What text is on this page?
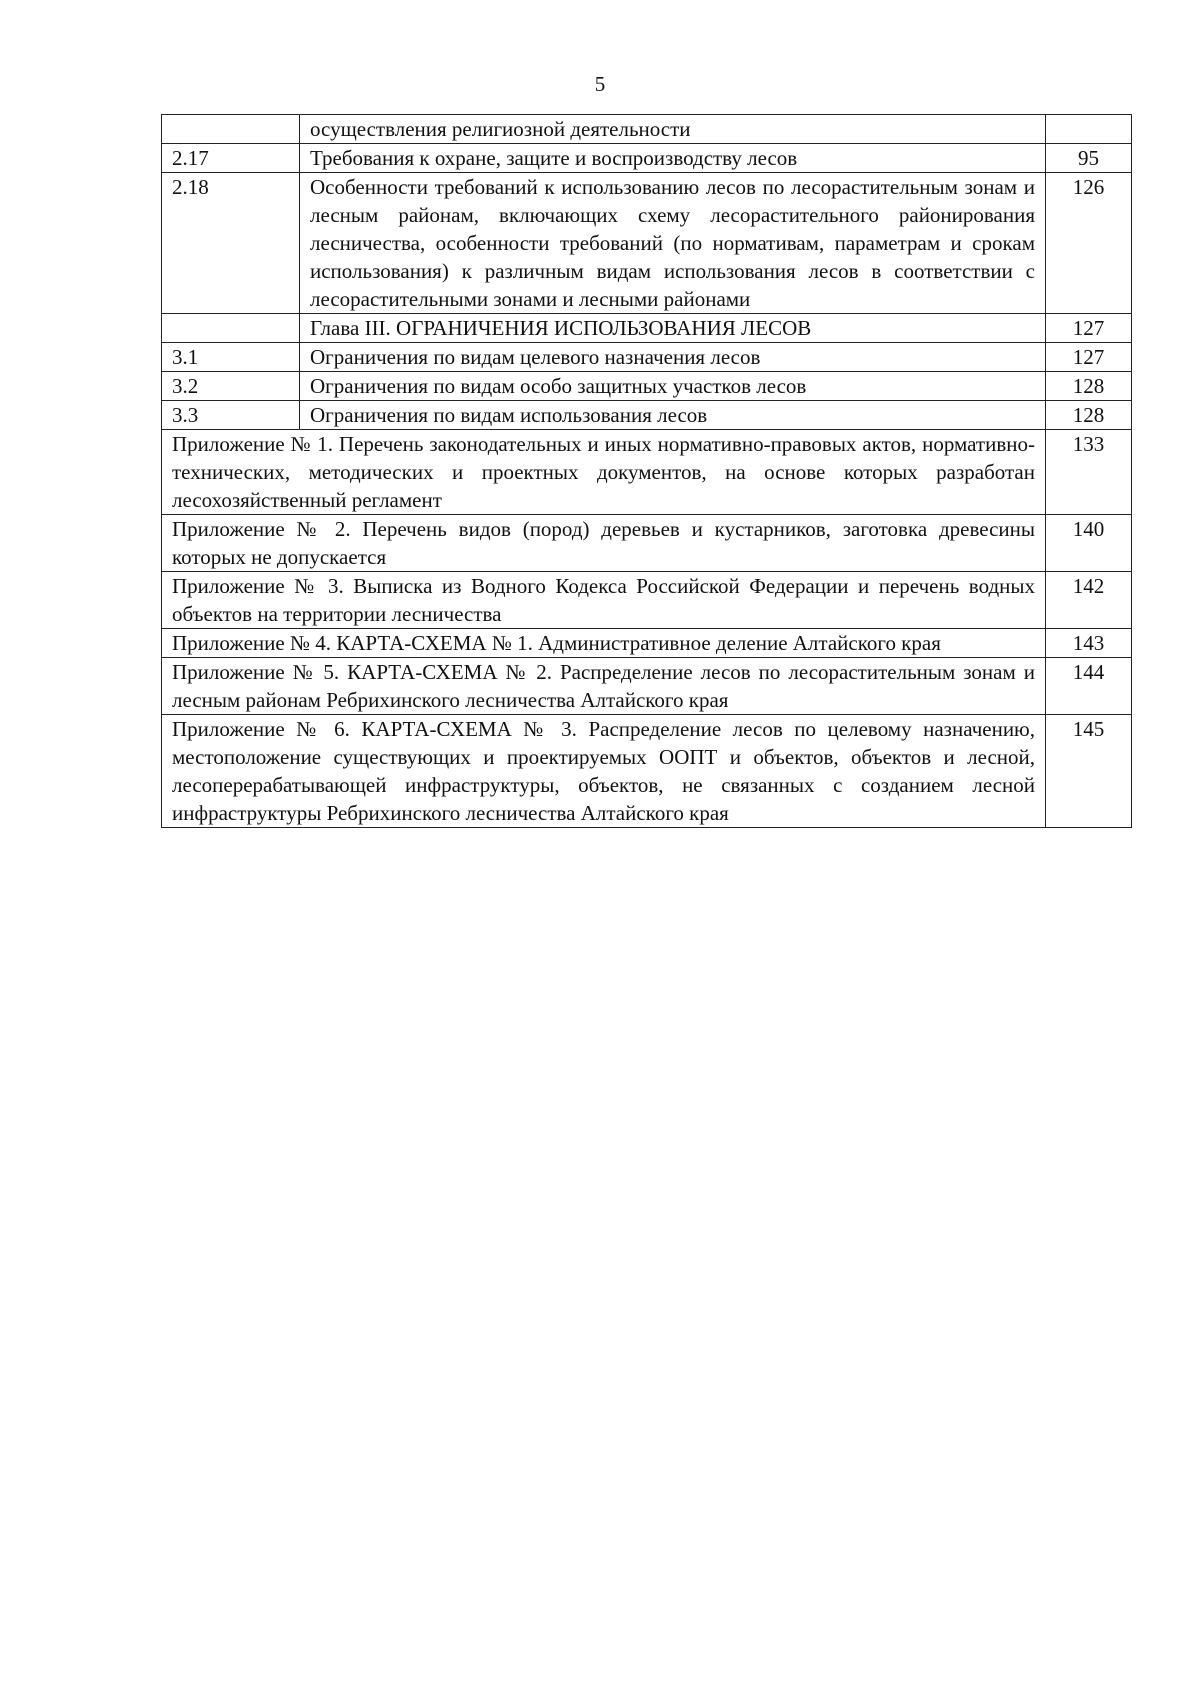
5
	осуществления религиозной деятельности	
2.17	Требования к охране, защите и воспроизводству лесов	95
2.18	Особенности требований к использованию лесов по лесорастительным зонам и лесным районам, включающих схему лесорастительного районирования лесничества, особенности требований (по нормативам, параметрам и срокам использования) к различным видам использования лесов в соответствии с лесорастительными зонами и лесными районами	126
	Глава III. ОГРАНИЧЕНИЯ ИСПОЛЬЗОВАНИЯ ЛЕСОВ	127
3.1	Ограничения по видам целевого назначения лесов	127
3.2	Ограничения по видам особо защитных участков лесов	128
3.3	Ограничения по видам использования лесов	128
Приложение № 1. Перечень законодательных и иных нормативно-правовых актов, нормативно-технических, методических и проектных документов, на основе которых разработан лесохозяйственный регламент		133
Приложение № 2. Перечень видов (пород) деревьев и кустарников, заготовка древесины которых не допускается		140
Приложение № 3. Выписка из Водного Кодекса Российской Федерации и перечень водных объектов на территории лесничества		142
Приложение № 4. КАРТА-СХЕМА № 1. Административное деление Алтайского края		143
Приложение № 5. КАРТА-СХЕМА № 2. Распределение лесов по лесорастительным зонам и лесным районам Ребрихинского лесничества Алтайского края		144
Приложение № 6. КАРТА-СХЕМА № 3. Распределение лесов по целевому назначению, местоположение существующих и проектируемых ООПТ и объектов, объектов и лесной, лесоперерабатывающей инфраструктуры, объектов, не связанных с созданием лесной инфраструктуры Ребрихинского лесничества Алтайского края		145
